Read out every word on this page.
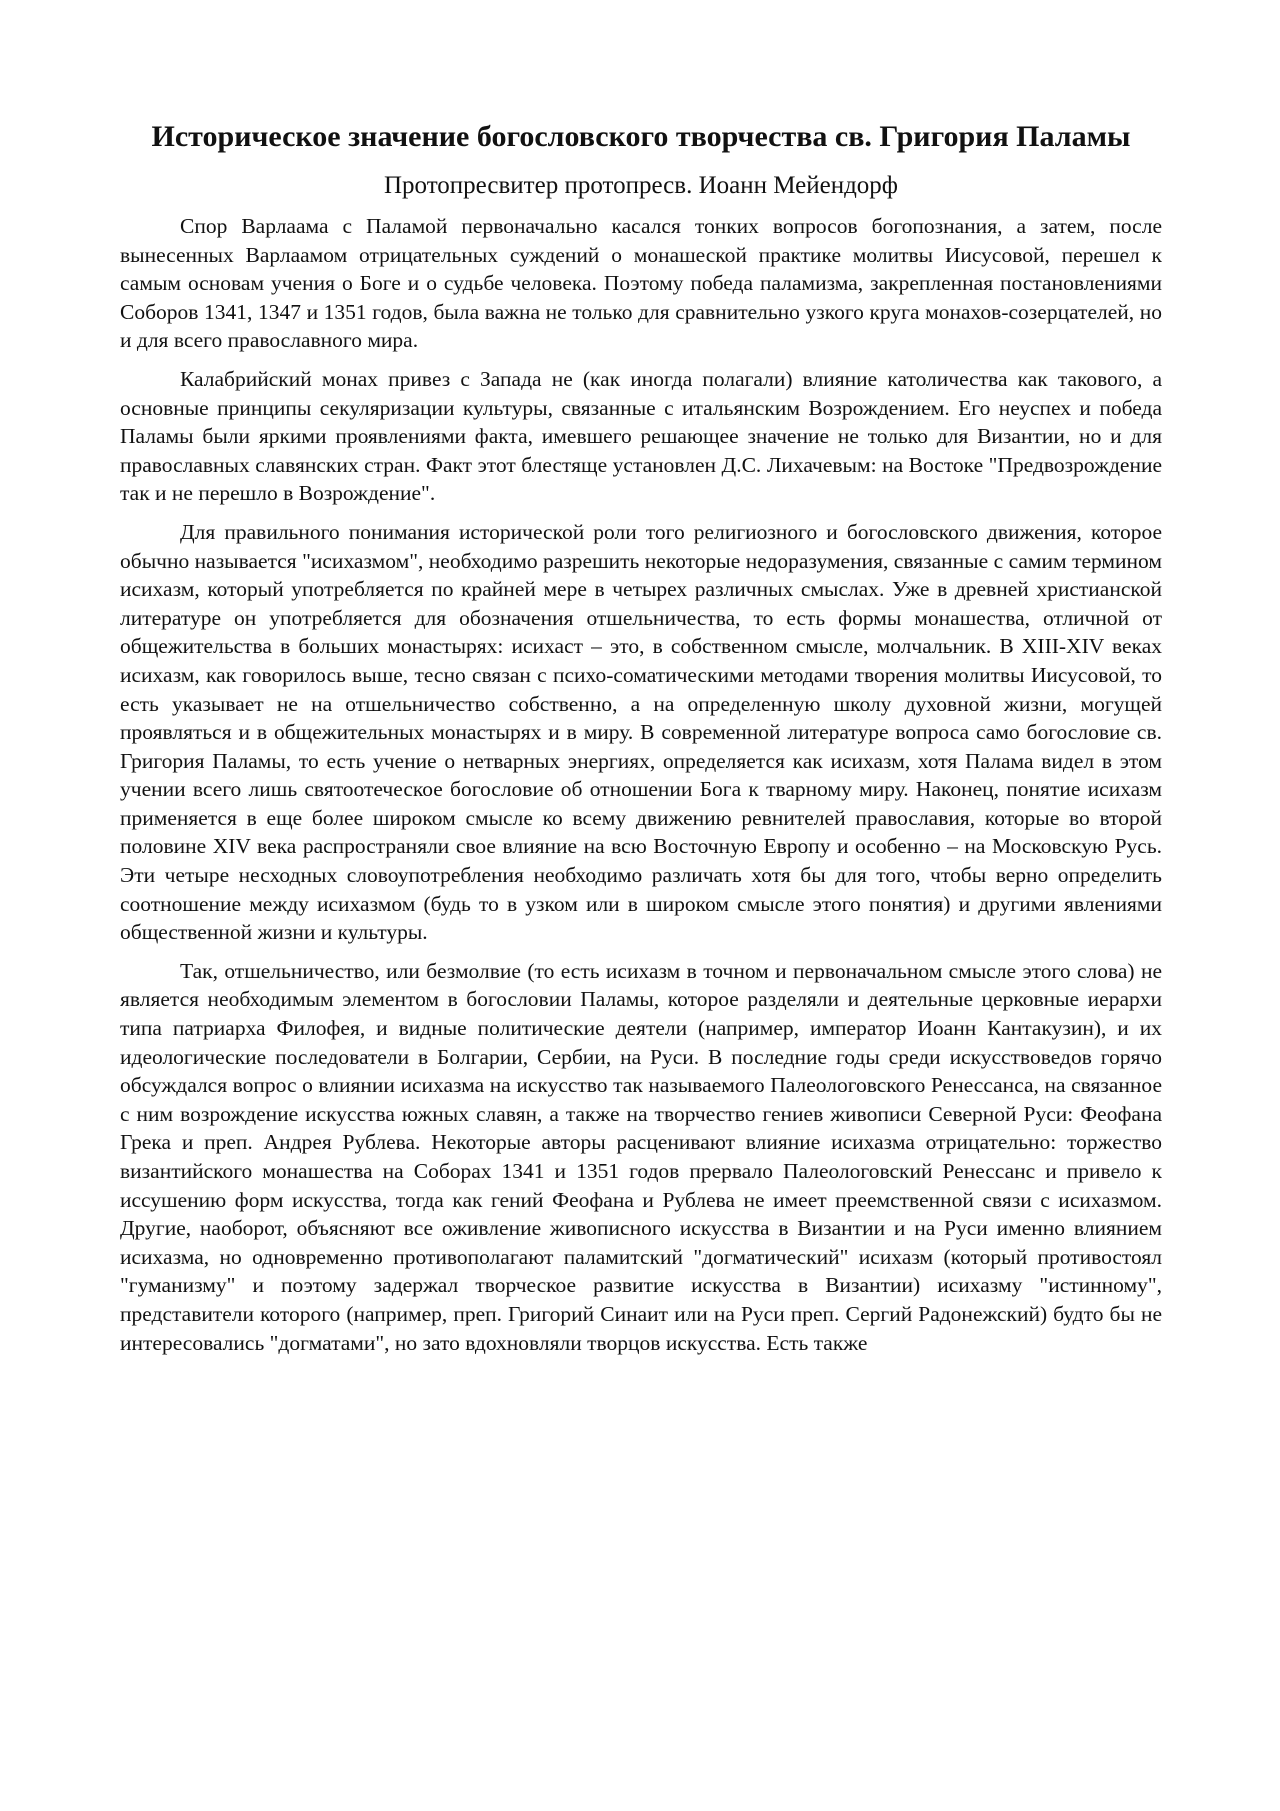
Историческое значение богословского творчества св. Григория Паламы
Протопресвитер протопресв. Иоанн Мейендорф

Спор Варлаама с Паламой первоначально касался тонких вопросов богопознания, а затем, после вынесенных Варлаамом отрицательных суждений о монашеской практике молитвы Иисусовой, перешел к самым основам учения о Боге и о судьбе человека. Поэтому победа паламизма, закрепленная постановлениями Соборов 1341, 1347 и 1351 годов, была важна не только для сравнительно узкого круга монахов-созерцателей, но и для всего православного мира.

Калабрийский монах привез с Запада не (как иногда полагали) влияние католичества как такового, а основные принципы секуляризации культуры, связанные с итальянским Возрождением. Его неуспех и победа Паламы были яркими проявлениями факта, имевшего решающее значение не только для Византии, но и для православных славянских стран. Факт этот блестяще установлен Д.С. Лихачевым: на Востоке "Предвозрождение так и не перешло в Возрождение".

Для правильного понимания исторической роли того религиозного и богословского движения, которое обычно называется "исихазмом", необходимо разрешить некоторые недоразумения, связанные с самим термином исихазм, который употребляется по крайней мере в четырех различных смыслах. Уже в древней христианской литературе он употребляется для обозначения отшельничества, то есть формы монашества, отличной от общежительства в больших монастырях: исихаст – это, в собственном смысле, молчальник. В XIII-XIV веках исихазм, как говорилось выше, тесно связан с психо-соматическими методами творения молитвы Иисусовой, то есть указывает не на отшельничество собственно, а на определенную школу духовной жизни, могущей проявляться и в общежительных монастырях и в миру. В современной литературе вопроса само богословие св. Григория Паламы, то есть учение о нетварных энергиях, определяется как исихазм, хотя Палама видел в этом учении всего лишь святоотеческое богословие об отношении Бога к тварному миру. Наконец, понятие исихазм применяется в еще более широком смысле ко всему движению ревнителей православия, которые во второй половине XIV века распространяли свое влияние на всю Восточную Европу и особенно – на Московскую Русь. Эти четыре несходных словоупотребления необходимо различать хотя бы для того, чтобы верно определить соотношение между исихазмом (будь то в узком или в широком смысле этого понятия) и другими явлениями общественной жизни и культуры.

Так, отшельничество, или безмолвие (то есть исихазм в точном и первоначальном смысле этого слова) не является необходимым элементом в богословии Паламы, которое разделяли и деятельные церковные иерархи типа патриарха Филофея, и видные политические деятели (например, император Иоанн Кантакузин), и их идеологические последователи в Болгарии, Сербии, на Руси. В последние годы среди искусствоведов горячо обсуждался вопрос о влиянии исихазма на искусство так называемого Палеологовского Ренессанса, на связанное с ним возрождение искусства южных славян, а также на творчество гениев живописи Северной Руси: Феофана Грека и преп. Андрея Рублева. Некоторые авторы расценивают влияние исихазма отрицательно: торжество византийского монашества на Соборах 1341 и 1351 годов прервало Палеологовский Ренессанс и привело к иссушению форм искусства, тогда как гений Феофана и Рублева не имеет преемственной связи с исихазмом. Другие, наоборот, объясняют все оживление живописного искусства в Византии и на Руси именно влиянием исихазма, но одновременно противополагают паламитский "догматический" исихазм (который противостоял "гуманизму" и поэтому задержал творческое развитие искусства в Византии) исихазму "истинному", представители которого (например, преп. Григорий Синаит или на Руси преп. Сергий Радонежский) будто бы не интересовались "догматами", но зато вдохновляли творцов искусства. Есть также
